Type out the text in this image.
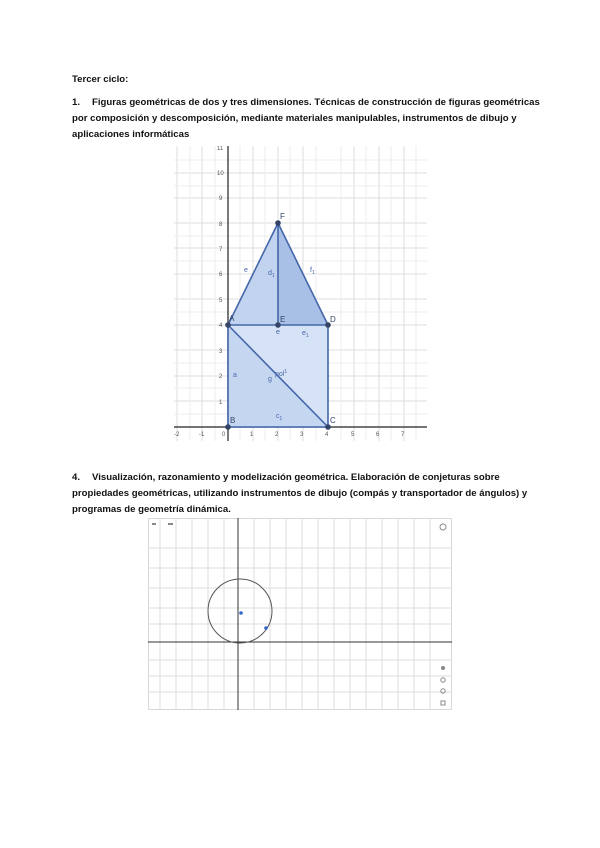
Tercer ciclo:
1. Figuras geométricas de dos y tres dimensiones. Técnicas de construcción de figuras geométricas por composición y descomposición, mediante materiales manipulables, instrumentos de dibujo y aplicaciones informáticas
-2	-1	0	1	2	3	4	5	6	7
1
2
3
4
5
6
7
8
9
10
11
F
A	E	D
B	C
e	$d_1$
$f_1$
e	$e_1$
a
g
pol$^1$
$c_1$
4. Visualización, razonamiento y modelización geométrica. Elaboración de conjeturas sobre propiedades geométricas, utilizando instrumentos de dibujo (compás y transportador de ángulos) y programas de geometría dinámica.
